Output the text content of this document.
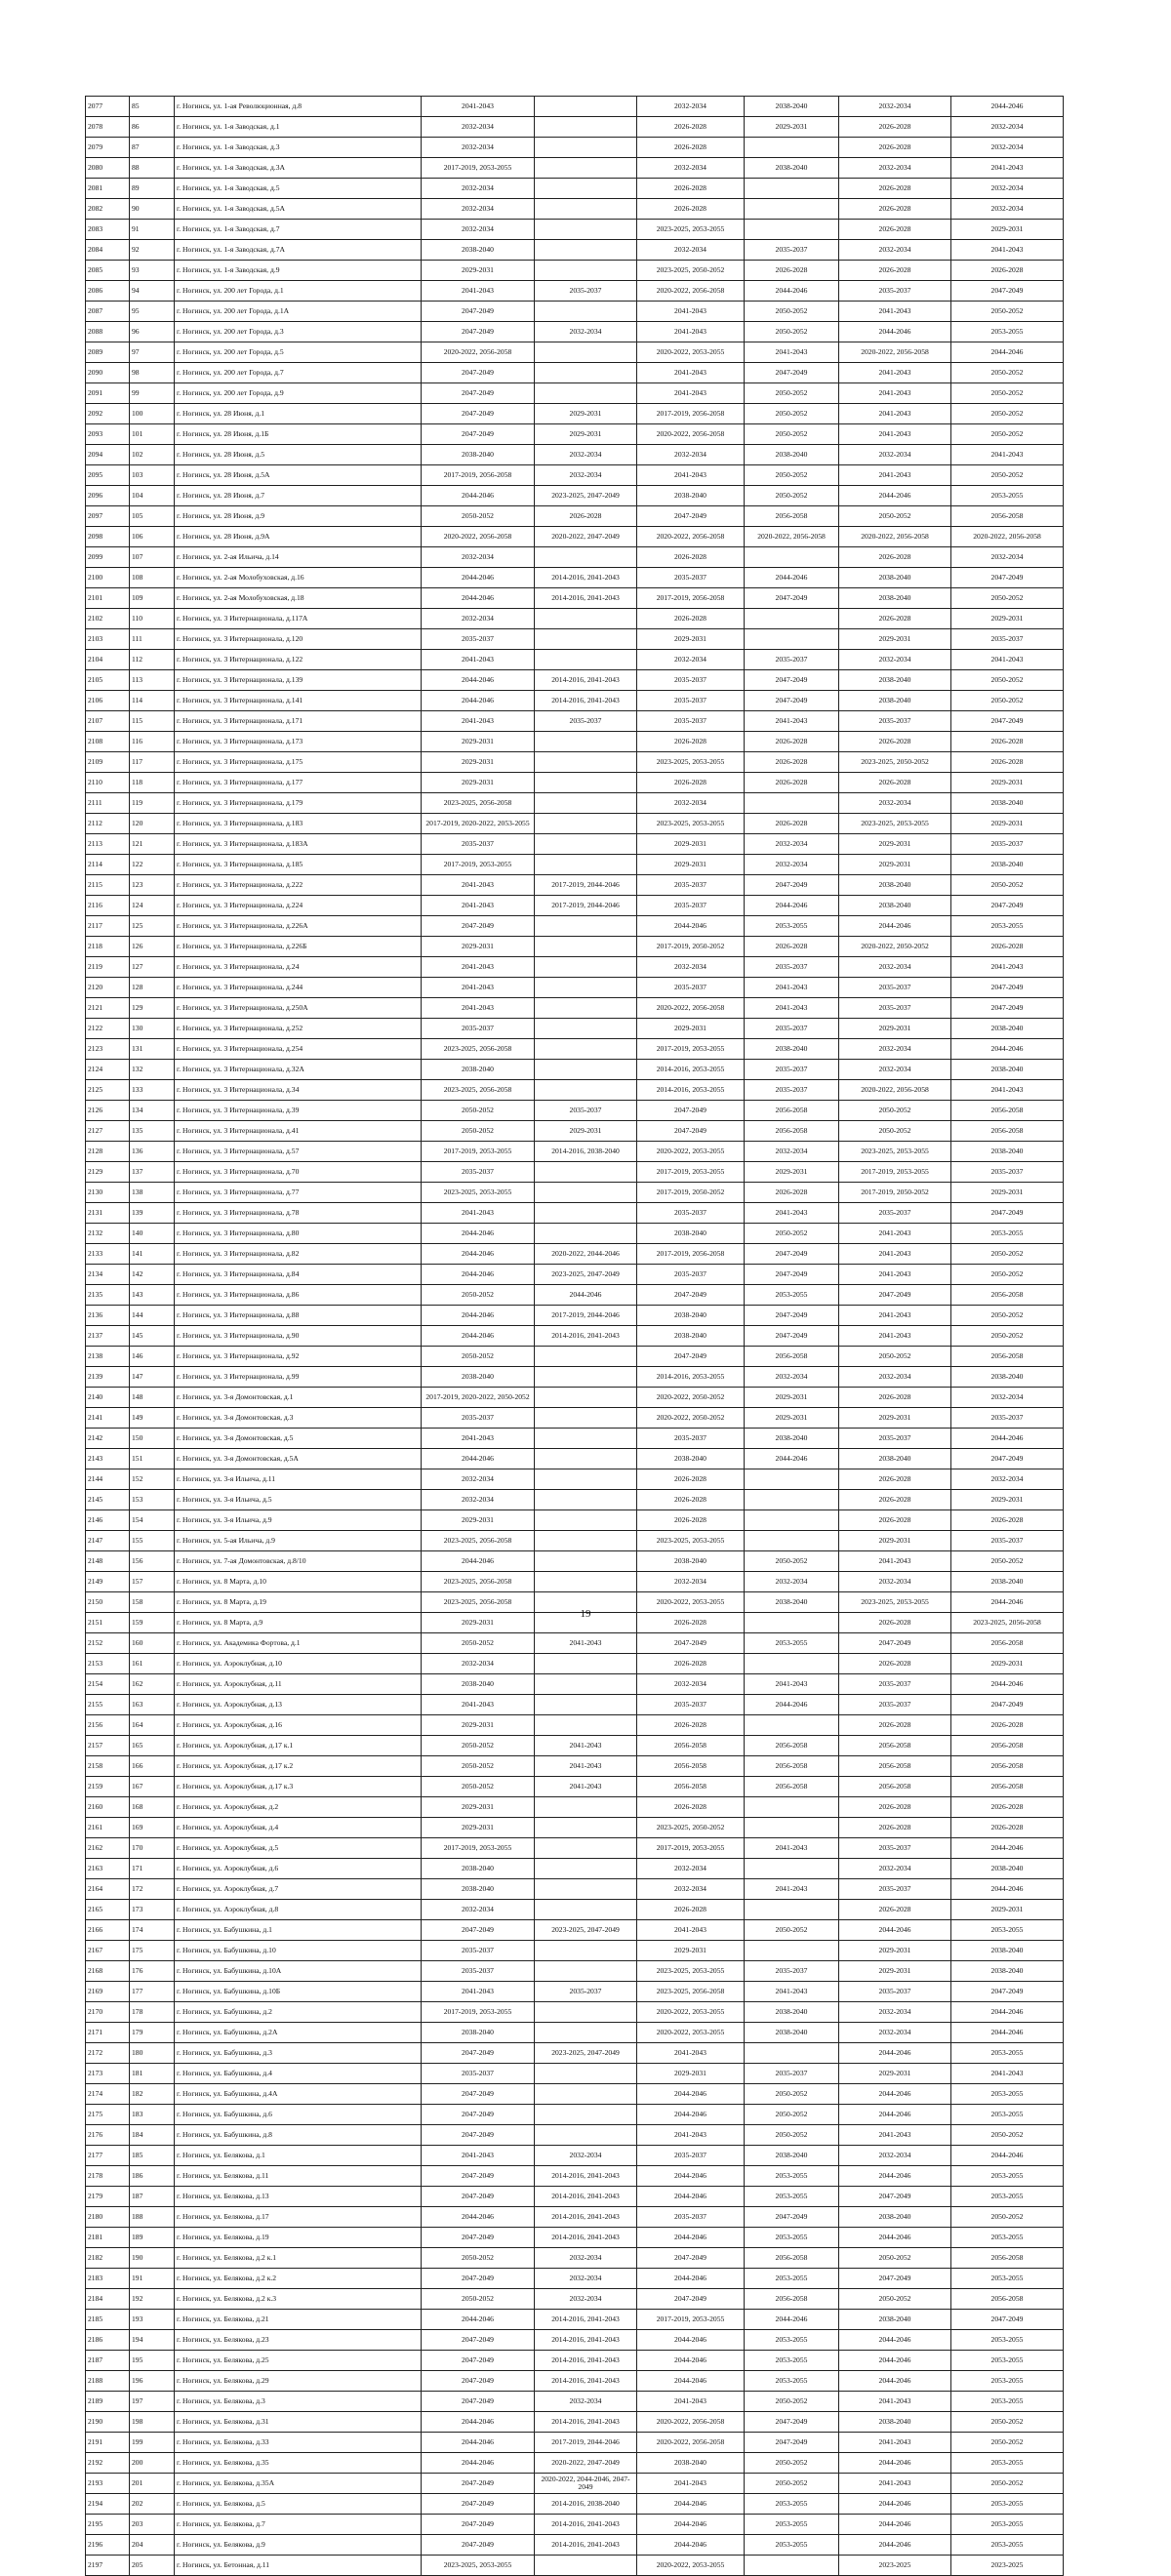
2077	85	г. Ногинск, ул. 1-ая Революционная, д.8	2041-2043		2032-2034	2038-2040	2032-2034	2044-2046
2078	86	г. Ногинск, ул. 1-я Заводская, д.1	2032-2034		2026-2028	2029-2031	2026-2028	2032-2034
2079	87	г. Ногинск, ул. 1-я Заводская, д.3	2032-2034		2026-2028		2026-2028	2032-2034
2080	88	г. Ногинск, ул. 1-я Заводская, д.3А	2017-2019, 2053-2055		2032-2034	2038-2040	2032-2034	2041-2043
2081	89	г. Ногинск, ул. 1-я Заводская, д.5	2032-2034		2026-2028		2026-2028	2032-2034
2082	90	г. Ногинск, ул. 1-я Заводская, д.5А	2032-2034		2026-2028		2026-2028	2032-2034
2083	91	г. Ногинск, ул. 1-я Заводская, д.7	2032-2034		2023-2025, 2053-2055		2026-2028	2029-2031
2084	92	г. Ногинск, ул. 1-я Заводская, д.7А	2038-2040		2032-2034	2035-2037	2032-2034	2041-2043
2085	93	г. Ногинск, ул. 1-я Заводская, д.9	2029-2031		2023-2025, 2050-2052	2026-2028	2026-2028	2026-2028
2086	94	г. Ногинск, ул. 200 лет Города, д.1	2041-2043	2035-2037	2020-2022, 2056-2058	2044-2046	2035-2037	2047-2049
2087	95	г. Ногинск, ул. 200 лет Города, д.1А	2047-2049		2041-2043	2050-2052	2041-2043	2050-2052
2088	96	г. Ногинск, ул. 200 лет Города, д.3	2047-2049	2032-2034	2041-2043	2050-2052	2044-2046	2053-2055
2089	97	г. Ногинск, ул. 200 лет Города, д.5	2020-2022, 2056-2058		2020-2022, 2053-2055	2041-2043	2020-2022, 2056-2058	2044-2046
2090	98	г. Ногинск, ул. 200 лет Города, д.7	2047-2049		2041-2043	2047-2049	2041-2043	2050-2052
2091	99	г. Ногинск, ул. 200 лет Города, д.9	2047-2049		2041-2043	2050-2052	2041-2043	2050-2052
2092	100	г. Ногинск, ул. 28 Июня, д.1	2047-2049	2029-2031	2017-2019, 2056-2058	2050-2052	2041-2043	2050-2052
2093	101	г. Ногинск, ул. 28 Июня, д.1Б	2047-2049	2029-2031	2020-2022, 2056-2058	2050-2052	2041-2043	2050-2052
2094	102	г. Ногинск, ул. 28 Июня, д.5	2038-2040	2032-2034	2032-2034	2038-2040	2032-2034	2041-2043
2095	103	г. Ногинск, ул. 28 Июня, д.5А	2017-2019, 2056-2058	2032-2034	2041-2043	2050-2052	2041-2043	2050-2052
2096	104	г. Ногинск, ул. 28 Июня, д.7	2044-2046	2023-2025, 2047-2049	2038-2040	2050-2052	2044-2046	2053-2055
2097	105	г. Ногинск, ул. 28 Июня, д.9	2050-2052	2026-2028	2047-2049	2056-2058	2050-2052	2056-2058
2098	106	г. Ногинск, ул. 28 Июня, д.9А	2020-2022, 2056-2058	2020-2022, 2047-2049	2020-2022, 2056-2058	2020-2022, 2056-2058	2020-2022, 2056-2058	2020-2022, 2056-2058
2099	107	г. Ногинск, ул. 2-ая Ильича, д.14	2032-2034		2026-2028		2026-2028	2032-2034
2100	108	г. Ногинск, ул. 2-ая Молобуховская, д.16	2044-2046	2014-2016, 2041-2043	2035-2037	2044-2046	2038-2040	2047-2049
2101	109	г. Ногинск, ул. 2-ая Молобуховская, д.18	2044-2046	2014-2016, 2041-2043	2017-2019, 2056-2058	2047-2049	2038-2040	2050-2052
2102	110	г. Ногинск, ул. 3 Интернационала, д.117А	2032-2034		2026-2028		2026-2028	2029-2031
2103	111	г. Ногинск, ул. 3 Интернационала, д.120	2035-2037		2029-2031		2029-2031	2035-2037
2104	112	г. Ногинск, ул. 3 Интернационала, д.122	2041-2043		2032-2034	2035-2037	2032-2034	2041-2043
2105	113	г. Ногинск, ул. 3 Интернационала, д.139	2044-2046	2014-2016, 2041-2043	2035-2037	2047-2049	2038-2040	2050-2052
2106	114	г. Ногинск, ул. 3 Интернационала, д.141	2044-2046	2014-2016, 2041-2043	2035-2037	2047-2049	2038-2040	2050-2052
2107	115	г. Ногинск, ул. 3 Интернационала, д.171	2041-2043	2035-2037	2035-2037	2041-2043	2035-2037	2047-2049
2108	116	г. Ногинск, ул. 3 Интернационала, д.173	2029-2031		2026-2028	2026-2028	2026-2028	2026-2028
2109	117	г. Ногинск, ул. 3 Интернационала, д.175	2029-2031		2023-2025, 2053-2055	2026-2028	2023-2025, 2050-2052	2026-2028
2110	118	г. Ногинск, ул. 3 Интернационала, д.177	2029-2031		2026-2028	2026-2028	2026-2028	2029-2031
2111	119	г. Ногинск, ул. 3 Интернационала, д.179	2023-2025, 2056-2058		2032-2034		2032-2034	2038-2040
2112	120	г. Ногинск, ул. 3 Интернационала, д.183	2017-2019, 2020-2022, 2053-2055		2023-2025, 2053-2055	2026-2028	2023-2025, 2053-2055	2029-2031
2113	121	г. Ногинск, ул. 3 Интернационала, д.183А	2035-2037		2029-2031	2032-2034	2029-2031	2035-2037
2114	122	г. Ногинск, ул. 3 Интернационала, д.185	2017-2019, 2053-2055		2029-2031	2032-2034	2029-2031	2038-2040
2115	123	г. Ногинск, ул. 3 Интернационала, д.222	2041-2043	2017-2019, 2044-2046	2035-2037	2047-2049	2038-2040	2050-2052
2116	124	г. Ногинск, ул. 3 Интернационала, д.224	2041-2043	2017-2019, 2044-2046	2035-2037	2044-2046	2038-2040	2047-2049
2117	125	г. Ногинск, ул. 3 Интернационала, д.226А	2047-2049		2044-2046	2053-2055	2044-2046	2053-2055
2118	126	г. Ногинск, ул. 3 Интернационала, д.226Б	2029-2031		2017-2019, 2050-2052	2026-2028	2020-2022, 2050-2052	2026-2028
2119	127	г. Ногинск, ул. 3 Интернационала, д.24	2041-2043		2032-2034	2035-2037	2032-2034	2041-2043
2120	128	г. Ногинск, ул. 3 Интернационала, д.244	2041-2043		2035-2037	2041-2043	2035-2037	2047-2049
2121	129	г. Ногинск, ул. 3 Интернационала, д.250А	2041-2043		2020-2022, 2056-2058	2041-2043	2035-2037	2047-2049
2122	130	г. Ногинск, ул. 3 Интернационала, д.252	2035-2037		2029-2031	2035-2037	2029-2031	2038-2040
2123	131	г. Ногинск, ул. 3 Интернационала, д.254	2023-2025, 2056-2058		2017-2019, 2053-2055	2038-2040	2032-2034	2044-2046
2124	132	г. Ногинск, ул. 3 Интернационала, д.32А	2038-2040		2014-2016, 2053-2055	2035-2037	2032-2034	2038-2040
2125	133	г. Ногинск, ул. 3 Интернационала, д.34	2023-2025, 2056-2058		2014-2016, 2053-2055	2035-2037	2020-2022, 2056-2058	2041-2043
2126	134	г. Ногинск, ул. 3 Интернационала, д.39	2050-2052	2035-2037	2047-2049	2056-2058	2050-2052	2056-2058
2127	135	г. Ногинск, ул. 3 Интернационала, д.41	2050-2052	2029-2031	2047-2049	2056-2058	2050-2052	2056-2058
2128	136	г. Ногинск, ул. 3 Интернационала, д.57	2017-2019, 2053-2055	2014-2016, 2038-2040	2020-2022, 2053-2055	2032-2034	2023-2025, 2053-2055	2038-2040
2129	137	г. Ногинск, ул. 3 Интернационала, д.70	2035-2037		2017-2019, 2053-2055	2029-2031	2017-2019, 2053-2055	2035-2037
2130	138	г. Ногинск, ул. 3 Интернационала, д.77	2023-2025, 2053-2055		2017-2019, 2050-2052	2026-2028	2017-2019, 2050-2052	2029-2031
2131	139	г. Ногинск, ул. 3 Интернационала, д.78	2041-2043		2035-2037	2041-2043	2035-2037	2047-2049
2132	140	г. Ногинск, ул. 3 Интернационала, д.80	2044-2046		2038-2040	2050-2052	2041-2043	2053-2055
2133	141	г. Ногинск, ул. 3 Интернационала, д.82	2044-2046	2020-2022, 2044-2046	2017-2019, 2056-2058	2047-2049	2041-2043	2050-2052
2134	142	г. Ногинск, ул. 3 Интернационала, д.84	2044-2046	2023-2025, 2047-2049	2035-2037	2047-2049	2041-2043	2050-2052
2135	143	г. Ногинск, ул. 3 Интернационала, д.86	2050-2052	2044-2046	2047-2049	2053-2055	2047-2049	2056-2058
2136	144	г. Ногинск, ул. 3 Интернационала, д.88	2044-2046	2017-2019, 2044-2046	2038-2040	2047-2049	2041-2043	2050-2052
2137	145	г. Ногинск, ул. 3 Интернационала, д.90	2044-2046	2014-2016, 2041-2043	2038-2040	2047-2049	2041-2043	2050-2052
2138	146	г. Ногинск, ул. 3 Интернационала, д.92	2050-2052		2047-2049	2056-2058	2050-2052	2056-2058
2139	147	г. Ногинск, ул. 3 Интернационала, д.99	2038-2040		2014-2016, 2053-2055	2032-2034	2032-2034	2038-2040
2140	148	г. Ногинск, ул. 3-я Домонтовская, д.1	2017-2019, 2020-2022, 2050-2052		2020-2022, 2050-2052	2029-2031	2026-2028	2032-2034
2141	149	г. Ногинск, ул. 3-я Домонтовская, д.3	2035-2037		2020-2022, 2050-2052	2029-2031	2029-2031	2035-2037
2142	150	г. Ногинск, ул. 3-я Домонтовская, д.5	2041-2043		2035-2037	2038-2040	2035-2037	2044-2046
2143	151	г. Ногинск, ул. 3-я Домонтовская, д.5А	2044-2046		2038-2040	2044-2046	2038-2040	2047-2049
2144	152	г. Ногинск, ул. 3-я Ильича, д.11	2032-2034		2026-2028		2026-2028	2032-2034
2145	153	г. Ногинск, ул. 3-я Ильича, д.5	2032-2034		2026-2028		2026-2028	2029-2031
2146	154	г. Ногинск, ул. 3-я Ильича, д.9	2029-2031		2026-2028		2026-2028	2026-2028
2147	155	г. Ногинск, ул. 5-ая Ильича, д.9	2023-2025, 2056-2058		2023-2025, 2053-2055		2029-2031	2035-2037
2148	156	г. Ногинск, ул. 7-ая Домонтовская, д.8/10	2044-2046		2038-2040	2050-2052	2041-2043	2050-2052
2149	157	г. Ногинск, ул. 8 Марта, д.10	2023-2025, 2056-2058		2032-2034	2032-2034	2032-2034	2038-2040
2150	158	г. Ногинск, ул. 8 Марта, д.19	2023-2025, 2056-2058		2020-2022, 2053-2055	2038-2040	2023-2025, 2053-2055	2044-2046
2151	159	г. Ногинск, ул. 8 Марта, д.9	2029-2031		2026-2028		2026-2028	2023-2025, 2056-2058
2152	160	г. Ногинск, ул. Академика Фортова, д.1	2050-2052	2041-2043	2047-2049	2053-2055	2047-2049	2056-2058
2153	161	г. Ногинск, ул. Аэроклубная, д.10	2032-2034		2026-2028		2026-2028	2029-2031
2154	162	г. Ногинск, ул. Аэроклубная, д.11	2038-2040		2032-2034	2041-2043	2035-2037	2044-2046
2155	163	г. Ногинск, ул. Аэроклубная, д.13	2041-2043		2035-2037	2044-2046	2035-2037	2047-2049
2156	164	г. Ногинск, ул. Аэроклубная, д.16	2029-2031		2026-2028		2026-2028	2026-2028
2157	165	г. Ногинск, ул. Аэроклубная, д.17 к.1	2050-2052	2041-2043	2056-2058	2056-2058	2056-2058	2056-2058
2158	166	г. Ногинск, ул. Аэроклубная, д.17 к.2	2050-2052	2041-2043	2056-2058	2056-2058	2056-2058	2056-2058
2159	167	г. Ногинск, ул. Аэроклубная, д.17 к.3	2050-2052	2041-2043	2056-2058	2056-2058	2056-2058	2056-2058
2160	168	г. Ногинск, ул. Аэроклубная, д.2	2029-2031		2026-2028		2026-2028	2026-2028
2161	169	г. Ногинск, ул. Аэроклубная, д.4	2029-2031		2023-2025, 2050-2052		2026-2028	2026-2028
2162	170	г. Ногинск, ул. Аэроклубная, д.5	2017-2019, 2053-2055		2017-2019, 2053-2055	2041-2043	2035-2037	2044-2046
2163	171	г. Ногинск, ул. Аэроклубная, д.6	2038-2040		2032-2034		2032-2034	2038-2040
2164	172	г. Ногинск, ул. Аэроклубная, д.7	2038-2040		2032-2034	2041-2043	2035-2037	2044-2046
2165	173	г. Ногинск, ул. Аэроклубная, д.8	2032-2034		2026-2028		2026-2028	2029-2031
2166	174	г. Ногинск, ул. Бабушкина, д.1	2047-2049	2023-2025, 2047-2049	2041-2043	2050-2052	2044-2046	2053-2055
2167	175	г. Ногинск, ул. Бабушкина, д.10	2035-2037		2029-2031		2029-2031	2038-2040
2168	176	г. Ногинск, ул. Бабушкина, д.10А	2035-2037		2023-2025, 2053-2055	2035-2037	2029-2031	2038-2040
2169	177	г. Ногинск, ул. Бабушкина, д.10Б	2041-2043	2035-2037	2023-2025, 2056-2058	2041-2043	2035-2037	2047-2049
2170	178	г. Ногинск, ул. Бабушкина, д.2	2017-2019, 2053-2055		2020-2022, 2053-2055	2038-2040	2032-2034	2044-2046
2171	179	г. Ногинск, ул. Бабушкина, д.2А	2038-2040		2020-2022, 2053-2055	2038-2040	2032-2034	2044-2046
2172	180	г. Ногинск, ул. Бабушкина, д.3	2047-2049	2023-2025, 2047-2049	2041-2043		2044-2046	2053-2055
2173	181	г. Ногинск, ул. Бабушкина, д.4	2035-2037		2029-2031	2035-2037	2029-2031	2041-2043
2174	182	г. Ногинск, ул. Бабушкина, д.4А	2047-2049		2044-2046	2050-2052	2044-2046	2053-2055
2175	183	г. Ногинск, ул. Бабушкина, д.6	2047-2049		2044-2046	2050-2052	2044-2046	2053-2055
2176	184	г. Ногинск, ул. Бабушкина, д.8	2047-2049		2041-2043	2050-2052	2041-2043	2050-2052
2177	185	г. Ногинск, ул. Белякова, д.1	2041-2043	2032-2034	2035-2037	2038-2040	2032-2034	2044-2046
2178	186	г. Ногинск, ул. Белякова, д.11	2047-2049	2014-2016, 2041-2043	2044-2046	2053-2055	2044-2046	2053-2055
2179	187	г. Ногинск, ул. Белякова, д.13	2047-2049	2014-2016, 2041-2043	2044-2046	2053-2055	2047-2049	2053-2055
2180	188	г. Ногинск, ул. Белякова, д.17	2044-2046	2014-2016, 2041-2043	2035-2037	2047-2049	2038-2040	2050-2052
2181	189	г. Ногинск, ул. Белякова, д.19	2047-2049	2014-2016, 2041-2043	2044-2046	2053-2055	2044-2046	2053-2055
2182	190	г. Ногинск, ул. Белякова, д.2 к.1	2050-2052	2032-2034	2047-2049	2056-2058	2050-2052	2056-2058
2183	191	г. Ногинск, ул. Белякова, д.2 к.2	2047-2049	2032-2034	2044-2046	2053-2055	2047-2049	2053-2055
2184	192	г. Ногинск, ул. Белякова, д.2 к.3	2050-2052	2032-2034	2047-2049	2056-2058	2050-2052	2056-2058
2185	193	г. Ногинск, ул. Белякова, д.21	2044-2046	2014-2016, 2041-2043	2017-2019, 2053-2055	2044-2046	2038-2040	2047-2049
2186	194	г. Ногинск, ул. Белякова, д.23	2047-2049	2014-2016, 2041-2043	2044-2046	2053-2055	2044-2046	2053-2055
2187	195	г. Ногинск, ул. Белякова, д.25	2047-2049	2014-2016, 2041-2043	2044-2046	2053-2055	2044-2046	2053-2055
2188	196	г. Ногинск, ул. Белякова, д.29	2047-2049	2014-2016, 2041-2043	2044-2046	2053-2055	2044-2046	2053-2055
2189	197	г. Ногинск, ул. Белякова, д.3	2047-2049	2032-2034	2041-2043	2050-2052	2041-2043	2053-2055
2190	198	г. Ногинск, ул. Белякова, д.31	2044-2046	2014-2016, 2041-2043	2020-2022, 2056-2058	2047-2049	2038-2040	2050-2052
2191	199	г. Ногинск, ул. Белякова, д.33	2044-2046	2017-2019, 2044-2046	2020-2022, 2056-2058	2047-2049	2041-2043	2050-2052
2192	200	г. Ногинск, ул. Белякова, д.35	2044-2046	2020-2022, 2047-2049	2038-2040	2050-2052	2044-2046	2053-2055
2193	201	г. Ногинск, ул. Белякова, д.35А	2047-2049	2020-2022, 2044-2046, 2047-2049	2041-2043	2050-2052	2041-2043	2050-2052
2194	202	г. Ногинск, ул. Белякова, д.5	2047-2049	2014-2016, 2038-2040	2044-2046	2053-2055	2044-2046	2053-2055
2195	203	г. Ногинск, ул. Белякова, д.7	2047-2049	2014-2016, 2041-2043	2044-2046	2053-2055	2044-2046	2053-2055
2196	204	г. Ногинск, ул. Белякова, д.9	2047-2049	2014-2016, 2041-2043	2044-2046	2053-2055	2044-2046	2053-2055
2197	205	г. Ногинск, ул. Бетонная, д.11	2023-2025, 2053-2055		2020-2022, 2053-2055		2023-2025	2023-2025
19
